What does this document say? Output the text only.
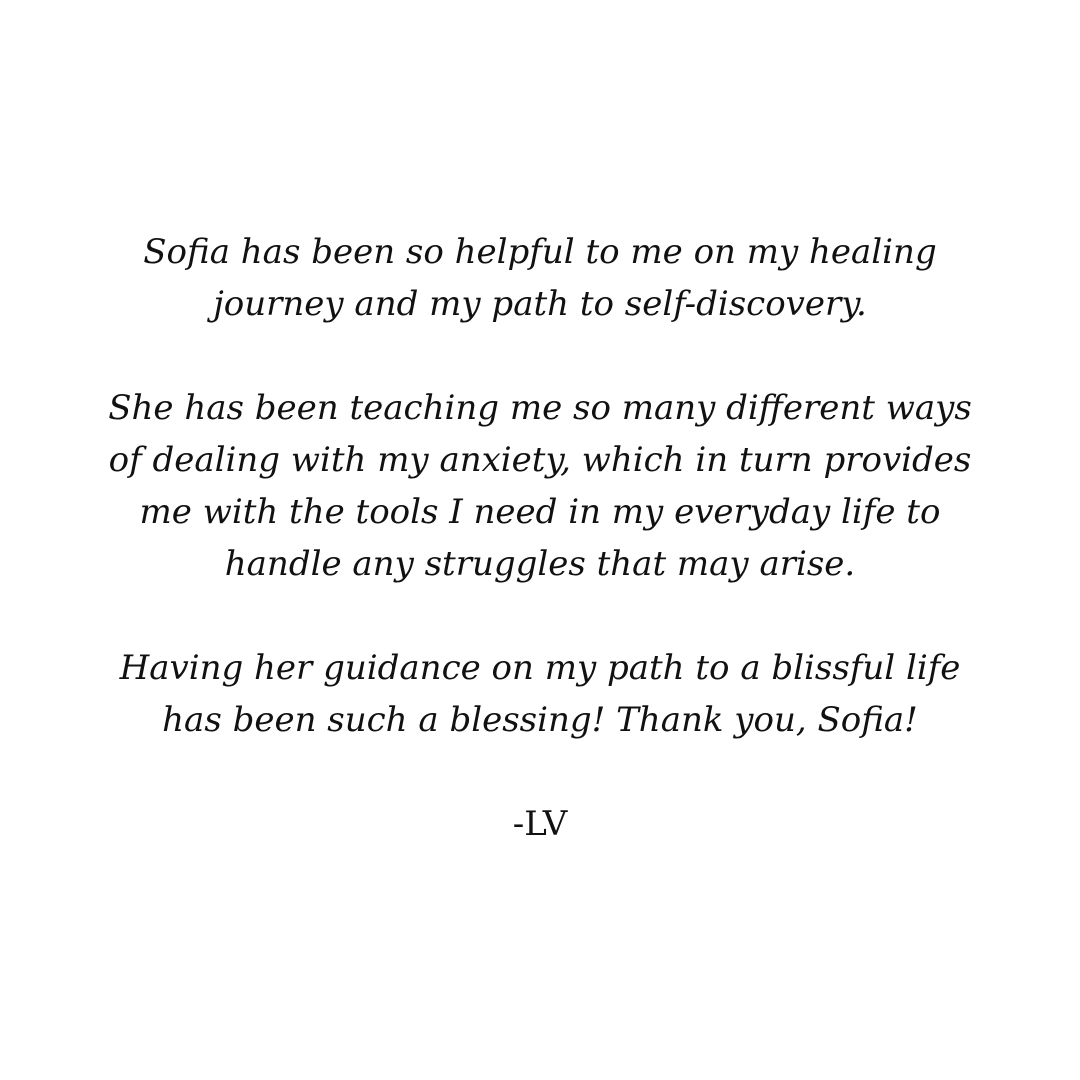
Sofia has been so helpful to me on my healing
journey and my path to self-discovery.

She has been teaching me so many different ways
of dealing with my anxiety, which in turn provides
me with the tools I need in my everyday life to
handle any struggles that may arise.

Having her guidance on my path to a blissful life
has been such a blessing! Thank you, Sofia!

-LV
